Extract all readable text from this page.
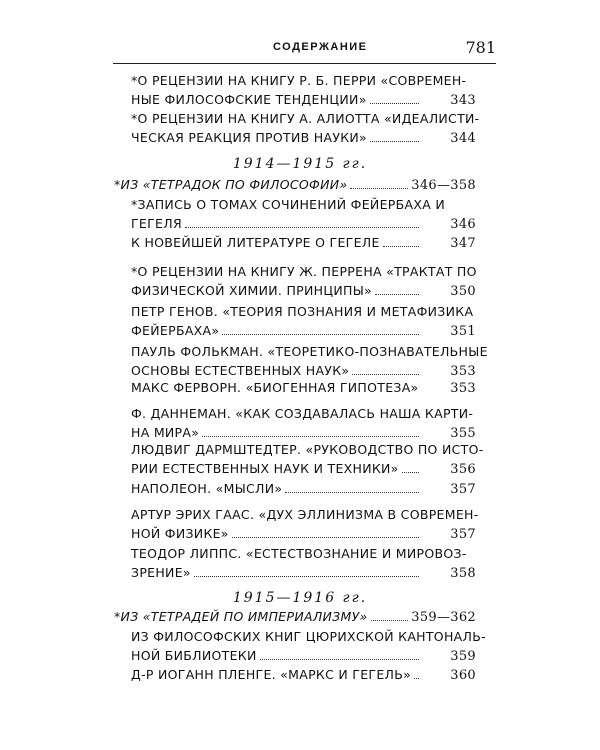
СОДЕРЖАНИЕ	781
*О РЕЦЕНЗИИ НА КНИГУ Р. Б. ПЕРРИ «СОВРЕМЕН-
НЫЕ ФИЛОСОФСКИЕ ТЕНДЕНЦИИ»	343
*О РЕЦЕНЗИИ НА КНИГУ А. АЛИОТТА «ИДЕАЛИСТИ-
ЧЕСКАЯ РЕАКЦИЯ ПРОТИВ НАУКИ»	344
1914—1915 гг.
*ИЗ «ТЕТРАДОК ПО ФИЛОСОФИИ»	346—358
*ЗАПИСЬ О ТОМАХ СОЧИНЕНИЙ ФЕЙЕРБАХА И
ГЕГЕЛЯ	346
К НОВЕЙШЕЙ ЛИТЕРАТУРЕ О ГЕГЕЛЕ	347
*О РЕЦЕНЗИИ НА КНИГУ Ж. ПЕРРЕНА «ТРАКТАТ ПО
ФИЗИЧЕСКОЙ ХИМИИ. ПРИНЦИПЫ»	350
ПЕТР ГЕНОВ. «ТЕОРИЯ ПОЗНАНИЯ И МЕТАФИЗИКА
ФЕЙЕРБАХА»	351
ПАУЛЬ ФОЛЬКМАН. «ТЕОРЕТИКО-ПОЗНАВАТЕЛЬНЫЕ
ОСНОВЫ ЕСТЕСТВЕННЫХ НАУК»	353
МАКС ФЕРВОРН. «БИОГЕННАЯ ГИПОТЕЗА»	353
Ф. ДАННЕМАН. «КАК СОЗДАВАЛАСЬ НАША КАРТИ-
НА МИРА»	355
ЛЮДВИГ ДАРМШТЕДТЕР. «РУКОВОДСТВО ПО ИСТО-
РИИ ЕСТЕСТВЕННЫХ НАУК И ТЕХНИКИ»	356
НАПОЛЕОН. «МЫСЛИ»	357
АРТУР ЭРИХ ГААС. «ДУХ ЭЛЛИНИЗМА В СОВРЕМЕН-
НОЙ ФИЗИКЕ»	357
ТЕОДОР ЛИППС. «ЕСТЕСТВОЗНАНИЕ И МИРОВОЗ-
ЗРЕНИЕ»	358
1915—1916 гг.
*ИЗ «ТЕТРАДЕЙ ПО ИМПЕРИАЛИЗМУ»	359—362
ИЗ ФИЛОСОФСКИХ КНИГ ЦЮРИХСКОЙ КАНТОНАЛЬ-
НОЙ БИБЛИОТЕКИ	359
Д-Р ИОГАНН ПЛЕНГЕ. «МАРКС И ГЕГЕЛЬ»	360
